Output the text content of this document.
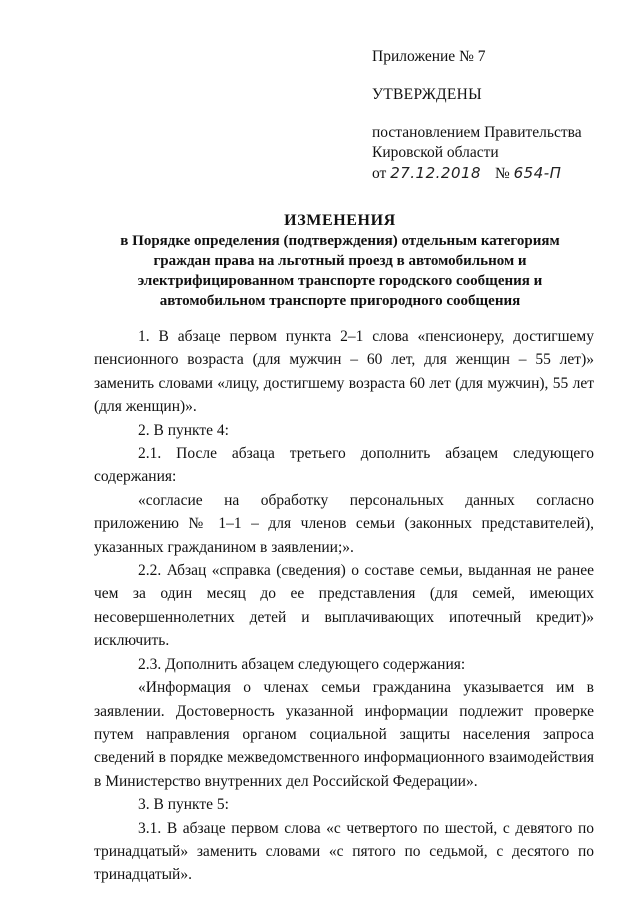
Приложение № 7

УТВЕРЖДЕНЫ

постановлением Правительства

Кировской области

от 27.12.2018 № 654-П

ИЗМЕНЕНИЯ

в Порядке определения (подтверждения) отдельным категориям

граждан права на льготный проезд в автомобильном и

электрифицированном транспорте городского сообщения и

автомобильном транспорте пригородного сообщения

1. В абзаце первом пункта 2–1 слова «пенсионеру, достигшему пенсионного возраста (для мужчин – 60 лет, для женщин – 55 лет)» заменить словами «лицу, достигшему возраста 60 лет (для мужчин), 55 лет (для женщин)».

2. В пункте 4:

2.1. После абзаца третьего дополнить абзацем следующего содержания:

«согласие на обработку персональных данных согласно приложению № 1–1 – для членов семьи (законных представителей), указанных гражданином в заявлении;».

2.2. Абзац «справка (сведения) о составе семьи, выданная не ранее чем за один месяц до ее представления (для семей, имеющих несовершеннолетних детей и выплачивающих ипотечный кредит)» исключить.

2.3. Дополнить абзацем следующего содержания:

«Информация о членах семьи гражданина указывается им в заявлении. Достоверность указанной информации подлежит проверке путем направления органом социальной защиты населения запроса сведений в порядке межведомственного информационного взаимодействия в Министерство внутренних дел Российской Федерации».

3. В пункте 5:

3.1. В абзаце первом слова «с четвертого по шестой, с девятого по тринадцатый» заменить словами «с пятого по седьмой, с десятого по тринадцатый».
